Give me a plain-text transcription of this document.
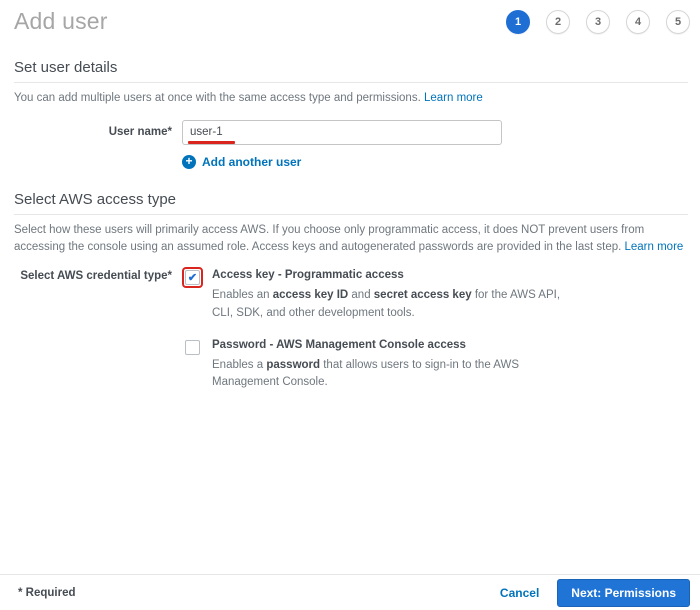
Add user	1	2	3	4	5
Set user details
You can add multiple users at once with the same access type and permissions. Learn more
User name*
user-1
+ Add another user
Select AWS access type
Select how these users will primarily access AWS. If you choose only programmatic access, it does NOT prevent users from accessing the console using an assumed role. Access keys and autogenerated passwords are provided in the last step. Learn more
Select AWS credential type*	✔ Access key - Programmatic access
Enables an access key ID and secret access key for the AWS API, CLI, SDK, and other development tools.
Password - AWS Management Console access
Enables a password that allows users to sign-in to the AWS Management Console.
* Required	Cancel	Next: Permissions
